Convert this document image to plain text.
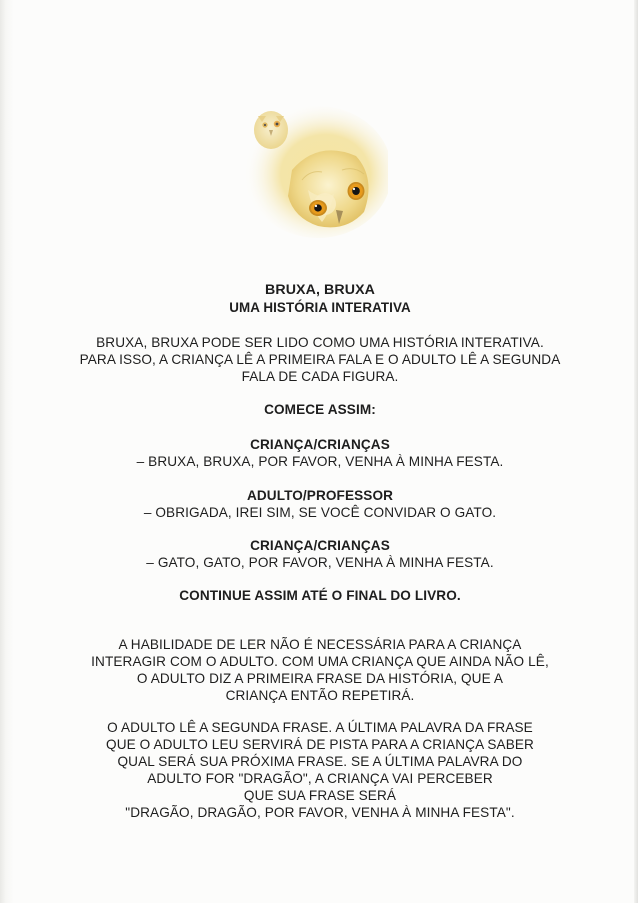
BRUXA, BRUXA
UMA HISTÓRIA INTERATIVA
BRUXA, BRUXA PODE SER LIDO COMO UMA HISTÓRIA INTERATIVA.
PARA ISSO, A CRIANÇA LÊ A PRIMEIRA FALA E O ADULTO LÊ A SEGUNDA
FALA DE CADA FIGURA.
COMECE ASSIM:
CRIANÇA/CRIANÇAS
– BRUXA, BRUXA, POR FAVOR, VENHA À MINHA FESTA.
ADULTO/PROFESSOR
– OBRIGADA, IREI SIM, SE VOCÊ CONVIDAR O GATO.
CRIANÇA/CRIANÇAS
– GATO, GATO, POR FAVOR, VENHA À MINHA FESTA.
CONTINUE ASSIM ATÉ O FINAL DO LIVRO.
A HABILIDADE DE LER NÃO É NECESSÁRIA PARA A CRIANÇA
INTERAGIR COM O ADULTO. COM UMA CRIANÇA QUE AINDA NÃO LÊ,
O ADULTO DIZ A PRIMEIRA FRASE DA HISTÓRIA, QUE A
CRIANÇA ENTÃO REPETIRÁ.
O ADULTO LÊ A SEGUNDA FRASE. A ÚLTIMA PALAVRA DA FRASE
QUE O ADULTO LEU SERVIRÁ DE PISTA PARA A CRIANÇA SABER
QUAL SERÁ SUA PRÓXIMA FRASE. SE A ÚLTIMA PALAVRA DO
ADULTO FOR "DRAGÃO", A CRIANÇA VAI PERCEBER
QUE SUA FRASE SERÁ
"DRAGÃO, DRAGÃO, POR FAVOR, VENHA À MINHA FESTA".
